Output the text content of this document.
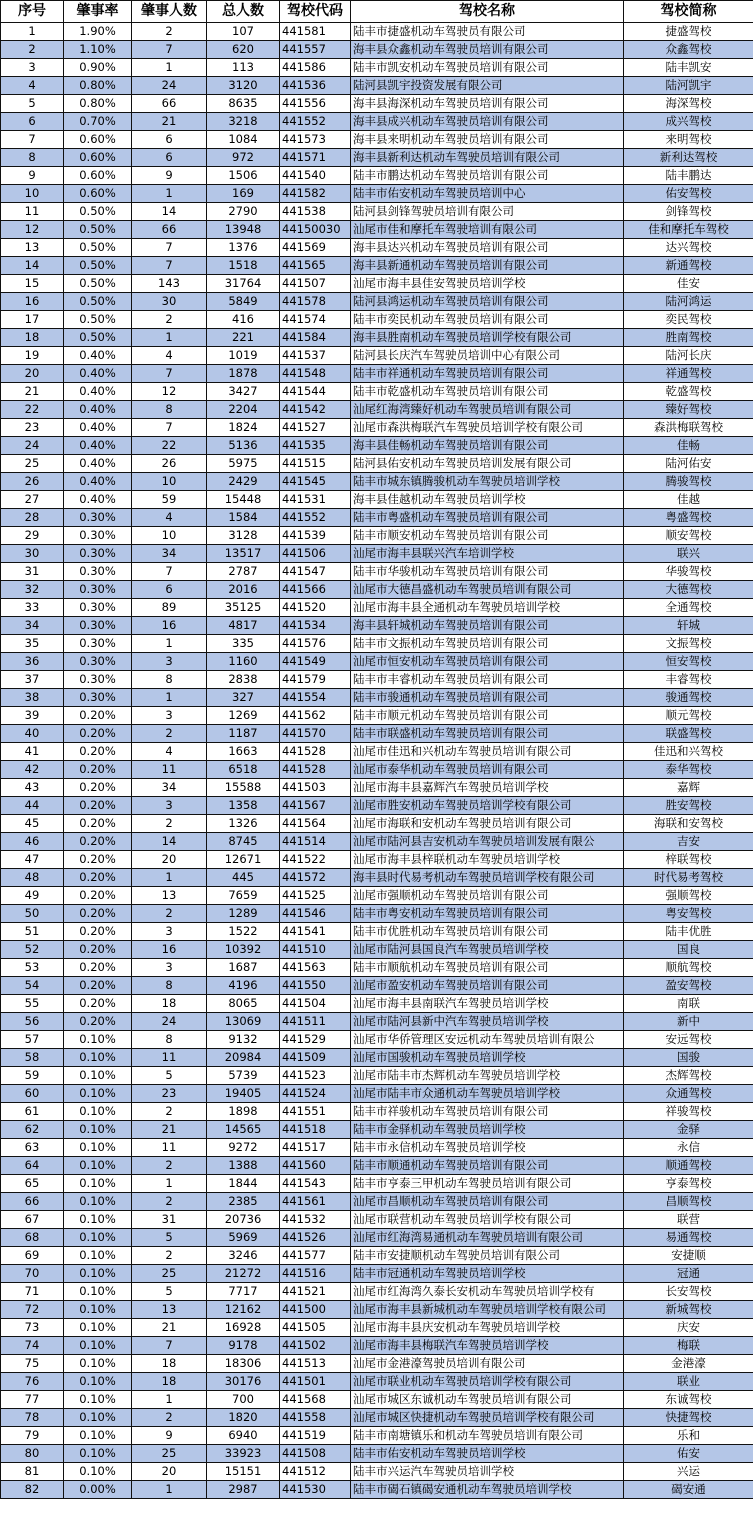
序号	肇事率	肇事人数	总人数	驾校代码	驾校名称	驾校简称
1	1.90%	2	107	441581	陆丰市捷盛机动车驾驶员有限公司	捷盛驾校
2	1.10%	7	620	441557	海丰县众鑫机动车驾驶员培训有限公司	众鑫驾校
3	0.90%	1	113	441586	陆丰市凯安机动车驾驶员培训有限公司	陆丰凯安
4	0.80%	24	3120	441536	陆河县凯宇投资发展有限公司	陆河凯宇
5	0.80%	66	8635	441556	海丰县海深机动车驾驶员培训有限公司	海深驾校
6	0.70%	21	3218	441552	海丰县成兴机动车驾驶员培训有限公司	成兴驾校
7	0.60%	6	1084	441573	海丰县来明机动车驾驶员培训有限公司	来明驾校
8	0.60%	6	972	441571	海丰县新利达机动车驾驶员培训有限公司	新利达驾校
9	0.60%	9	1506	441540	陆丰市鹏达机动车驾驶员培训有限公司	陆丰鹏达
10	0.60%	1	169	441582	陆丰市佑安机动车驾驶员培训中心	佑安驾校
11	0.50%	14	2790	441538	陆河县剑锋驾驶员培训有限公司	剑锋驾校
12	0.50%	66	13948	44150030	汕尾市佳和摩托车驾驶培训有限公司	佳和摩托车驾校
13	0.50%	7	1376	441569	海丰县达兴机动车驾驶员培训有限公司	达兴驾校
14	0.50%	7	1518	441565	海丰县新通机动车驾驶员培训有限公司	新通驾校
15	0.50%	143	31764	441507	汕尾市海丰县佳安驾驶员培训学校	佳安
16	0.50%	30	5849	441578	陆河县鸿运机动车驾驶员培训有限公司	陆河鸿运
17	0.50%	2	416	441574	陆丰市奕民机动车驾驶员培训有限公司	奕民驾校
18	0.50%	1	221	441584	海丰县胜南机动车驾驶员培训学校有限公司	胜南驾校
19	0.40%	4	1019	441537	陆河县长庆汽车驾驶员培训中心有限公司	陆河长庆
20	0.40%	7	1878	441548	陆丰市祥通机动车驾驶员培训有限公司	祥通驾校
21	0.40%	12	3427	441544	陆丰市乾盛机动车驾驶员培训有限公司	乾盛驾校
22	0.40%	8	2204	441542	汕尾红海湾臻好机动车驾驶员培训有限公司	臻好驾校
23	0.40%	7	1824	441527	汕尾市森洪梅联汽车驾驶员培训学校有限公司	森洪梅联驾校
24	0.40%	22	5136	441535	海丰县佳畅机动车驾驶员培训有限公司	佳畅
25	0.40%	26	5975	441515	陆河县佑安机动车驾驶员培训发展有限公司	陆河佑安
26	0.40%	10	2429	441545	陆丰市城东镇腾骏机动车驾驶员培训学校	腾骏驾校
27	0.40%	59	15448	441531	海丰县佳越机动车驾驶员培训学校	佳越
28	0.30%	4	1584	441552	陆丰市粤盛机动车驾驶员培训有限公司	粤盛驾校
29	0.30%	10	3128	441539	陆丰市顺安机动车驾驶员培训有限公司	顺安驾校
30	0.30%	34	13517	441506	汕尾市海丰县联兴汽车培训学校	联兴
31	0.30%	7	2787	441547	陆丰市华骏机动车驾驶员培训有限公司	华骏驾校
32	0.30%	6	2016	441566	汕尾市大德昌盛机动车驾驶员培训有限公司	大德驾校
33	0.30%	89	35125	441520	汕尾市海丰县全通机动车驾驶员培训学校	全通驾校
34	0.30%	16	4817	441534	海丰县轩城机动车驾驶员培训有限公司	轩城
35	0.30%	1	335	441576	陆丰市文振机动车驾驶员培训有限公司	文振驾校
36	0.30%	3	1160	441549	汕尾市恒安机动车驾驶员培训有限公司	恒安驾校
37	0.30%	8	2838	441579	陆丰市丰睿机动车驾驶员培训有限公司	丰睿驾校
38	0.30%	1	327	441554	陆丰市骏通机动车驾驶员培训有限公司	骏通驾校
39	0.20%	3	1269	441562	陆丰市顺元机动车驾驶员培训有限公司	顺元驾校
40	0.20%	2	1187	441570	陆丰市联盛机动车驾驶员培训有限公司	联盛驾校
41	0.20%	4	1663	441528	汕尾市佳迅和兴机动车驾驶员培训有限公司	佳迅和兴驾校
42	0.20%	11	6518	441528	汕尾市泰华机动车驾驶员培训有限公司	泰华驾校
43	0.20%	34	15588	441503	汕尾市海丰县嘉辉汽车驾驶员培训学校	嘉辉
44	0.20%	3	1358	441567	汕尾市胜安机动车驾驶员培训学校有限公司	胜安驾校
45	0.20%	2	1326	441564	汕尾市海联和安机动车驾驶员培训有限公司	海联和安驾校
46	0.20%	14	8745	441514	汕尾市陆河县吉安机动车驾驶员培训发展有限公	吉安
47	0.20%	20	12671	441522	汕尾市海丰县梓联机动车驾驶员培训学校	梓联驾校
48	0.20%	1	445	441572	海丰县时代易考机动车驾驶员培训学校有限公司	时代易考驾校
49	0.20%	13	7659	441525	汕尾市强顺机动车驾驶员培训有限公司	强顺驾校
50	0.20%	2	1289	441546	陆丰市粤安机动车驾驶员培训有限公司	粤安驾校
51	0.20%	3	1522	441541	陆丰市优胜机动车驾驶员培训有限公司	陆丰优胜
52	0.20%	16	10392	441510	汕尾市陆河县国良汽车驾驶员培训学校	国良
53	0.20%	3	1687	441563	陆丰市顺航机动车驾驶员培训有限公司	顺航驾校
54	0.20%	8	4196	441550	汕尾市盈安机动车驾驶员培训有限公司	盈安驾校
55	0.20%	18	8065	441504	汕尾市海丰县南联汽车驾驶员培训学校	南联
56	0.20%	24	13069	441511	汕尾市陆河县新中汽车驾驶员培训学校	新中
57	0.10%	8	9132	441529	汕尾市华侨管理区安远机动车驾驶员培训有限公	安远驾校
58	0.10%	11	20984	441509	汕尾市国骏机动车驾驶员培训学校	国骏
59	0.10%	5	5739	441523	汕尾市陆丰市杰辉机动车驾驶员培训学校	杰辉驾校
60	0.10%	23	19405	441524	汕尾市陆丰市众通机动车驾驶员培训学校	众通驾校
61	0.10%	2	1898	441551	陆丰市祥骏机动车驾驶员培训有限公司	祥骏驾校
62	0.10%	21	14565	441518	陆丰市金驿机动车驾驶员培训学校	金驿
63	0.10%	11	9272	441517	陆丰市永信机动车驾驶员培训学校	永信
64	0.10%	2	1388	441560	陆丰市顺通机动车驾驶员培训有限公司	顺通驾校
65	0.10%	1	1844	441543	陆丰市亨泰三甲机动车驾驶员培训有限公司	亨泰驾校
66	0.10%	2	2385	441561	汕尾市昌顺机动车驾驶员培训有限公司	昌顺驾校
67	0.10%	31	20736	441532	汕尾市联营机动车驾驶员培训学校有限公司	联营
68	0.10%	5	5969	441526	汕尾市红海湾易通机动车驾驶员培训有限公司	易通驾校
69	0.10%	2	3246	441577	陆丰市安捷顺机动车驾驶员培训有限公司	安捷顺
70	0.10%	25	21272	441516	陆丰市冠通机动车驾驶员培训学校	冠通
71	0.10%	5	7717	441521	汕尾市红海湾久泰长安机动车驾驶员培训学校有	长安驾校
72	0.10%	13	12162	441500	汕尾市海丰县新城机动车驾驶员培训学校有限公司	新城驾校
73	0.10%	21	16928	441505	汕尾市海丰县庆安机动车驾驶员培训学校	庆安
74	0.10%	7	9178	441502	汕尾市海丰县梅联汽车驾驶员培训学校	梅联
75	0.10%	18	18306	441513	汕尾市金港濠驾驶员培训有限公司	金港濠
76	0.10%	18	30176	441501	汕尾市联业机动车驾驶员培训学校有限公司	联业
77	0.10%	1	700	441568	汕尾市城区东诚机动车驾驶员培训有限公司	东诚驾校
78	0.10%	2	1820	441558	汕尾市城区快捷机动车驾驶员培训学校有限公司	快捷驾校
79	0.10%	9	6940	441519	陆丰市南塘镇乐和机动车驾驶员培训有限公司	乐和
80	0.10%	25	33923	441508	陆丰市佑安机动车驾驶员培训学校	佑安
81	0.10%	20	15151	441512	陆丰市兴运汽车驾驶员培训学校	兴运
82	0.00%	1	2987	441530	陆丰市碣石镇碣安通机动车驾驶员培训学校	碣安通
